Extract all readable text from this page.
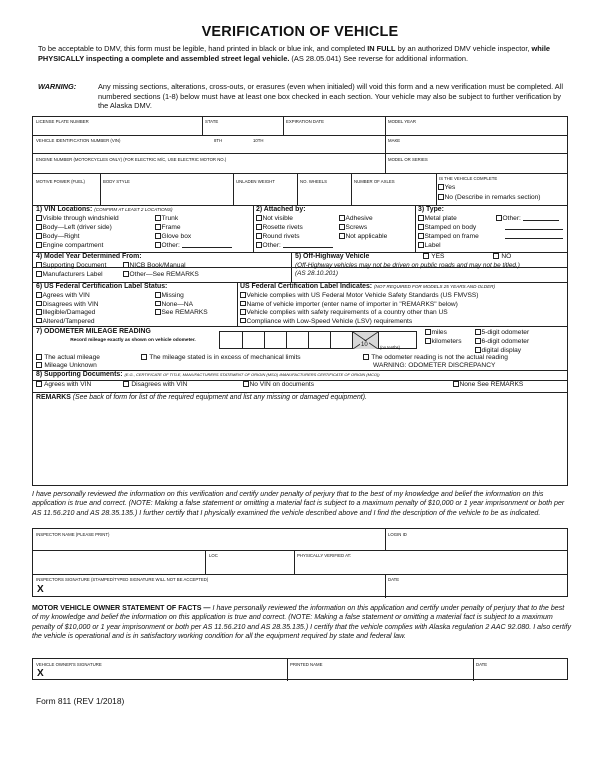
VERIFICATION OF VEHICLE
To be acceptable to DMV, this form must be legible, hand printed in black or blue ink, and completed IN FULL by an authorized DMV vehicle inspector, while PHYSICALLY inspecting a complete and assembled street legal vehicle. (AS 28.05.041) See reverse for additional information.
WARNING:	Any missing sections, alterations, cross-outs, or erasures (even when initialed) will void this form and a new verification must be completed. All numbered sections (1-8) below must have at least one box checked in each section. Your vehicle may also be subject to further verification by the Alaska DMV.
LICENSE PLATE NUMBER	STATE	EXPIRATION DATE	MODEL YEAR
VEHICLE IDENTIFICATION NUMBER (VIN)	8TH	10TH	MAKE
ENGINE NUMBER (MOTORCYCLES ONLY) (FOR ELECTRIC M/C, USE ELECTRIC MOTOR NO.)	MODEL OR SERIES
MOTIVE POWER (FUEL)	BODY STYLE	UNLADEN WEIGHT	NO. WHEELS	NUMBER OF AXLES
IS THE VEHICLE COMPLETE
Yes
No (Describe in remarks section)
1) VIN Locations: (CONFIRM AT LEAST 2 LOCATIONS)	2) Attached by:	3) Type:
4) Model Year Determined From:	5) Off-Highway Vehicle	YES	NO
(Off-Highway vehicles may not be driven on public roads and may not be titled.)
(AS 28.10.201)
6) US Federal Certification Label Status:	US Federal Certification Label Indicates: (NOT REQUIRED FOR MODELS 25 YEARS AND OLDER)
7) ODOMETER MILEAGE READING
Record mileage exactly as shown on vehicle odometer.
10	(no tenths)
miles
kilometers
5-digit odometer
6-digit odometer
digital display
The actual mileage	The mileage stated is in excess of mechanical limits	The odometer reading is not the actual reading
Mileage Unknown	WARNING: ODOMETER DISCREPANCY
8) Supporting Documents: (E.G., CERTIFICATE OF TITLE, MANUFACTURERS STATEMENT OF ORIGIN (MSO) /MANUFACTURERS CERTIFICATE OF ORIGIN (MCO))
Agrees with VIN	Disagrees with VIN	No VIN on documents	None See REMARKS
REMARKS (See back of form for list of the required equipment and list any missing or damaged equipment).
Visible through windshield
Body—Left (driver side)
Body—Right
Engine compartment
Trunk
Frame
Glove box
Other:
Not visible
Rosette rivets
Round rivets
Other:
Adhesive
Screws
Not applicable
Metal plate
Stamped on body
Stamped on frame
Label
Other:
Supporting Document
Manufacturers Label
NICB Book/Manual
Other—See REMARKS
Agrees with VIN
Disagrees with VIN
Illegible/Damaged
Altered/Tampered
Missing
None—NA
See REMARKS
Vehicle complies with US Federal Motor Vehicle Safety Standards (US FMVSS)
Name of vehicle importer (enter name of importer in "REMARKS" below)
Vehicle complies with safety requirements of a country other than US
Compliance with Low-Speed Vehicle (LSV) requirements
I have personally reviewed the information on this verification and certify under penalty of perjury that to the best of my knowledge and belief the information on this application is true and correct. (NOTE: Making a false statement or omitting a material fact is subject to a maximum penalty of $10,000 or 1 year imprisonment or both per AS 11.56.210 and AS 28.35.135.) I further certify that I physically examined the vehicle described above and I find the description of the vehicle to be as indicated.
INSPECTOR NAME (PLEASE PRINT)	LOGIN ID
LOC	PHYSICALLY VERIFIED AT:
INSPECTORS SIGNATURE (STAMPED/TYPED SIGNATURE WILL NOT BE ACCEPTED)
X
DATE
MOTOR VEHICLE OWNER STATEMENT OF FACTS — I have personally reviewed the information on this application and certify under penalty of perjury that to the best of my knowledge and belief the information on this application is true and correct. (NOTE: Making a false statement or omitting a material fact is subject to a maximum penalty of $10,000 or 1 year imprisonment or both per AS 11.56.210 and AS 28.35.135.) I certify that the vehicle complies with Alaska regulation 2 AAC 92.080. I also certify the vehicle is operational and is in satisfactory working condition for all the equipment required by state and federal law.
VEHICLE OWNER'S SIGNATURE
X
PRINTED NAME	DATE
Form 811 (REV 1/2018)
